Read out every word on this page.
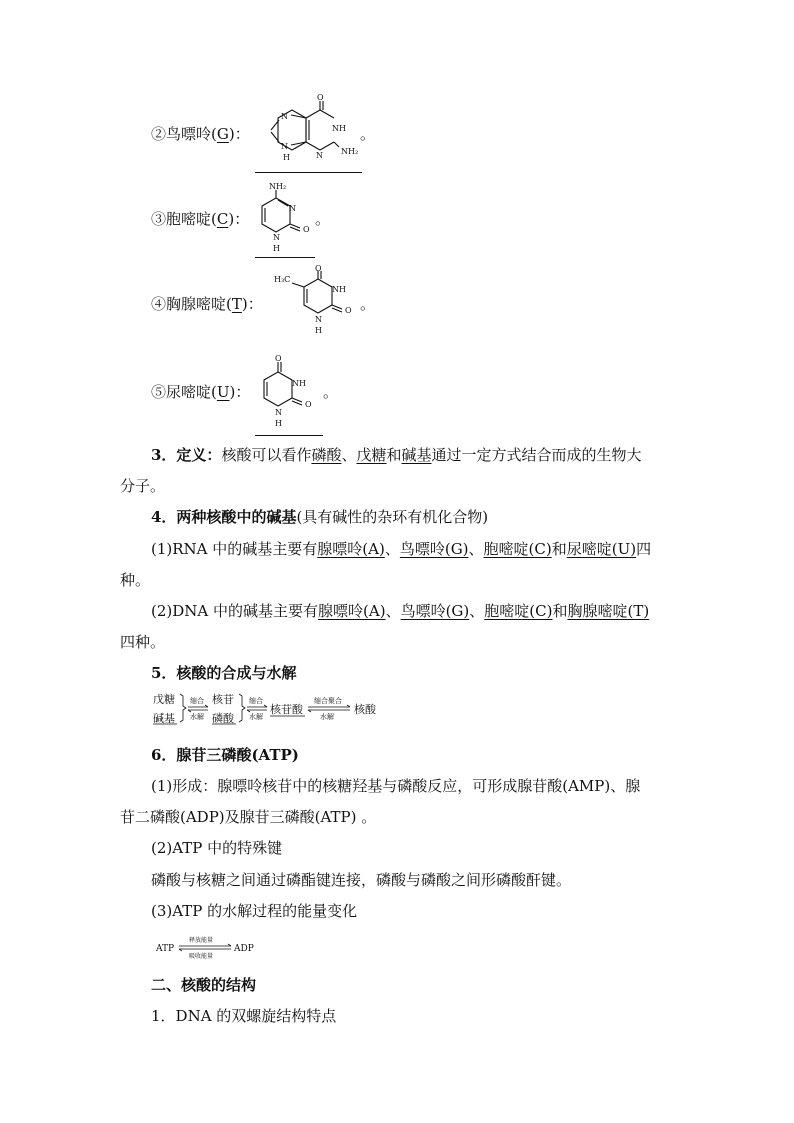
②鸟嘌呤(G)：
O
NH
N NH₂
N
N
H
。
③胞嘧啶(C)：
NH₂
N
O
N
H
。
④胸腺嘧啶(T)：
O
H₃C
NH
O
N
H
。
⑤尿嘧啶(U)：
O
NH
O
N
H
。
3．定义：核酸可以看作磷酸、戊糖和碱基通过一定方式结合而成的生物大
分子。
4．两种核酸中的碱基(具有碱性的杂环有机化合物)
(1)RNA 中的碱基主要有腺嘌呤(A)、鸟嘌呤(G)、胞嘧啶(C)和尿嘧啶(U)四
种。
(2)DNA 中的碱基主要有腺嘌呤(A)、鸟嘌呤(G)、胞嘧啶(C)和胸腺嘧啶(T)
四种。
5．核酸的合成与水解
戊糖
碱基
缩合
水解
核苷
磷酸
缩合
水解
核苷酸
缩合聚合
水解
核酸
6．腺苷三磷酸(ATP)
(1)形成：腺嘌呤核苷中的核糖羟基与磷酸反应，可形成腺苷酸(AMP)、腺
苷二磷酸(ADP)及腺苷三磷酸(ATP) 。
(2)ATP 中的特殊键
磷酸与核糖之间通过磷酯键连接，磷酸与磷酸之间形磷酸酐键。
(3)ATP 的水解过程的能量变化
ATP
释放能量
吸收能量
ADP
二、核酸的结构
1．DNA 的双螺旋结构特点
